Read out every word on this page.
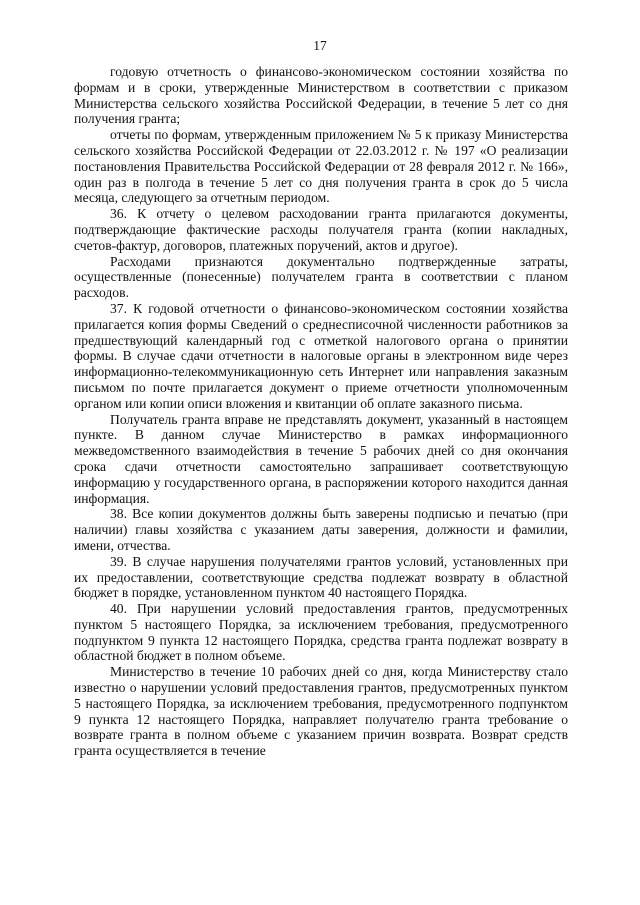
17

годовую отчетность о финансово-экономическом состоянии хозяйства по формам и в сроки, утвержденные Министерством в соответствии с приказом Министерства сельского хозяйства Российской Федерации, в течение 5 лет со дня получения гранта;

отчеты по формам, утвержденным приложением № 5 к приказу Министерства сельского хозяйства Российской Федерации от 22.03.2012 г. № 197 «О реализации постановления Правительства Российской Федерации от 28 февраля 2012 г. № 166», один раз в полгода в течение 5 лет со дня получения гранта в срок до 5 числа месяца, следующего за отчетным периодом.

36. К отчету о целевом расходовании гранта прилагаются документы, подтверждающие фактические расходы получателя гранта (копии накладных, счетов-фактур, договоров, платежных поручений, актов и другое).

Расходами признаются документально подтвержденные затраты, осуществленные (понесенные) получателем гранта в соответствии с планом расходов.

37. К годовой отчетности о финансово-экономическом состоянии хозяйства прилагается копия формы Сведений о среднесписочной численности работников за предшествующий календарный год с отметкой налогового органа о принятии формы. В случае сдачи отчетности в налоговые органы в электронном виде через информационно-телекоммуникационную сеть Интернет или направления заказным письмом по почте прилагается документ о приеме отчетности уполномоченным органом или копии описи вложения и квитанции об оплате заказного письма.

Получатель гранта вправе не представлять документ, указанный в настоящем пункте. В данном случае Министерство в рамках информационного межведомственного взаимодействия в течение 5 рабочих дней со дня окончания срока сдачи отчетности самостоятельно запрашивает соответствующую информацию у государственного органа, в распоряжении которого находится данная информация.

38. Все копии документов должны быть заверены подписью и печатью (при наличии) главы хозяйства с указанием даты заверения, должности и фамилии, имени, отчества.

39. В случае нарушения получателями грантов условий, установленных при их предоставлении, соответствующие средства подлежат возврату в областной бюджет в порядке, установленном пунктом 40 настоящего Порядка.

40. При нарушении условий предоставления грантов, предусмотренных пунктом 5 настоящего Порядка, за исключением требования, предусмотренного подпунктом 9 пункта 12 настоящего Порядка, средства гранта подлежат возврату в областной бюджет в полном объеме.

Министерство в течение 10 рабочих дней со дня, когда Министерству стало известно о нарушении условий предоставления грантов, предусмотренных пунктом 5 настоящего Порядка, за исключением требования, предусмотренного подпунктом 9 пункта 12 настоящего Порядка, направляет получателю гранта требование о возврате гранта в полном объеме с указанием причин возврата. Возврат средств гранта осуществляется в течение
